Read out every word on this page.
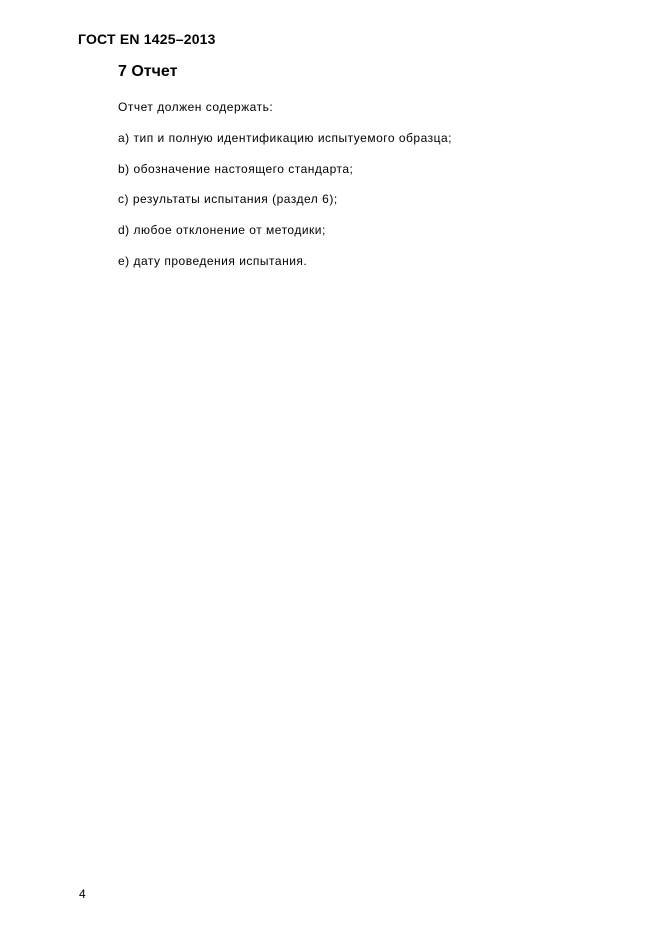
ГОСТ EN 1425–2013
7 Отчет
Отчет должен содержать:
а) тип и полную идентификацию испытуемого образца;
b) обозначение настоящего стандарта;
c) результаты испытания (раздел 6);
d) любое отклонение от методики;
e) дату проведения испытания.
4
